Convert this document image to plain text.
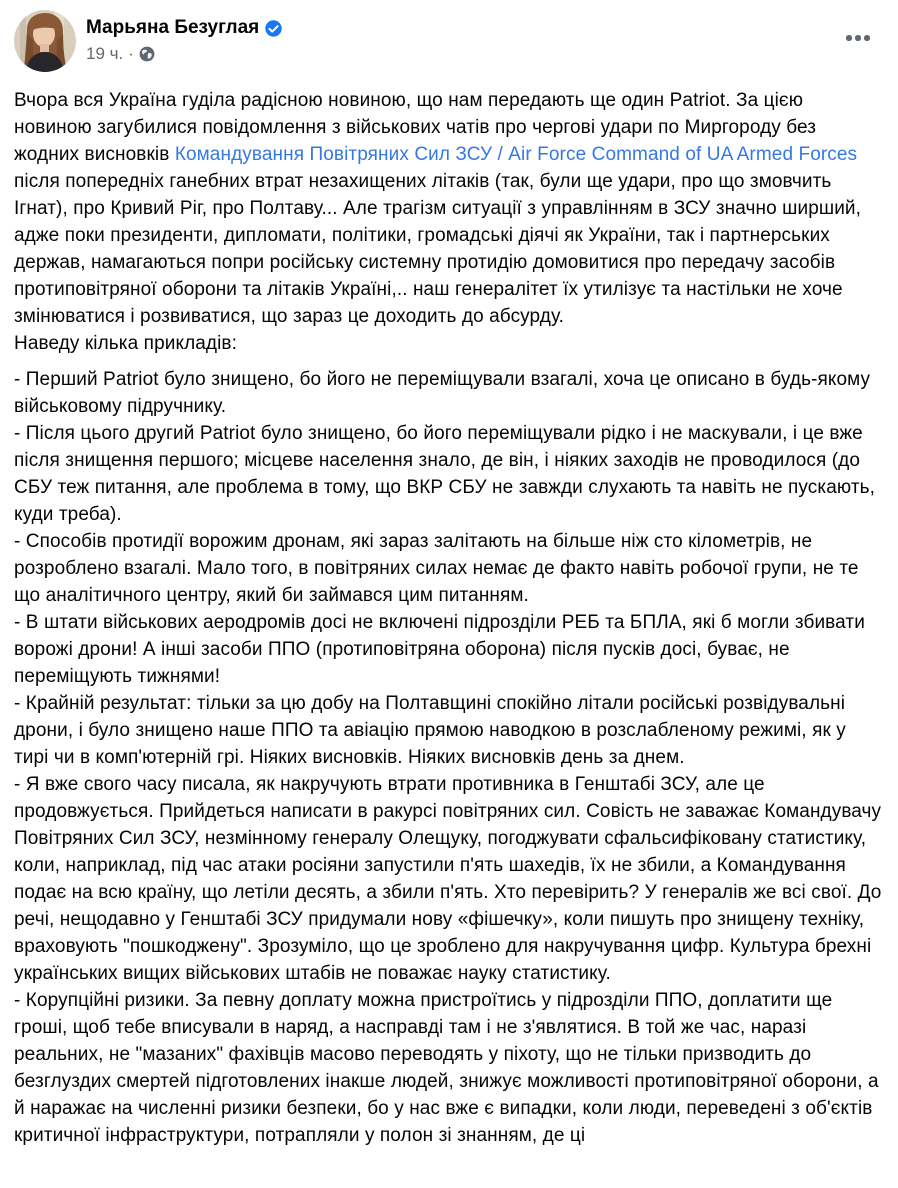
Марьяна Безуглая
19 ч. ·
Вчора вся Україна гуділа радісною новиною, що нам передають ще один Patriot. За цією новиною загубилися повідомлення з військових чатів про чергові удари по Миргороду без жодних висновків Командування Повітряних Сил ЗСУ / Air Force Command of UA Armed Forces після попередніх ганебних втрат незахищених літаків (так, були ще удари, про що змовчить Ігнат), про Кривий Ріг, про Полтаву... Але трагізм ситуації з управлінням в ЗСУ значно ширший, адже поки президенти, дипломати, політики, громадські діячі як України, так і партнерських держав, намагаються попри російську системну протидію домовитися про передачу засобів протиповітряної оборони та літаків Україні,.. наш генералітет їх утилізує та настільки не хоче змінюватися і розвиватися, що зараз це доходить до абсурду.
Наведу кілька прикладів:
- Перший Patriot було знищено, бо його не переміщували взагалі, хоча це описано в будь-якому військовому підручнику.
- Після цього другий Patriot було знищено, бо його переміщували рідко і не маскували, і це вже після знищення першого; місцеве населення знало, де він, і ніяких заходів не проводилося (до СБУ теж питання, але проблема в тому, що ВКР СБУ не завжди слухають та навіть не пускають, куди треба).
- Способів протидії ворожим дронам, які зараз залітають на більше ніж сто кілометрів, не розроблено взагалі. Мало того, в повітряних силах немає де факто навіть робочої групи, не те що аналітичного центру, який би займався цим питанням.
- В штати військових аеродромів досі не включені підрозділи РЕБ та БПЛА, які б могли збивати ворожі дрони! А інші засоби ППО (протиповітряна оборона) після пусків досі, буває, не переміщують тижнями!
- Крайній результат: тільки за цю добу на Полтавщині спокійно літали російські розвідувальні дрони, і було знищено наше ППО та авіацію прямою наводкою в розслабленому режимі, як у тирі чи в комп'ютерній грі. Ніяких висновків. Ніяких висновків день за днем.
- Я вже свого часу писала, як накручують втрати противника в Генштабі ЗСУ, але це продовжується. Прийдеться написати в ракурсі повітряних сил. Совість не заважає Командувачу Повітряних Сил ЗСУ, незмінному генералу Олещуку, погоджувати сфальсифіковану статистику, коли, наприклад, під час атаки росіяни запустили п'ять шахедів, їх не збили, а Командування подає на всю країну, що летіли десять, а збили п'ять. Хто перевірить? У генералів же всі свої. До речі, нещодавно у Генштабі ЗСУ придумали нову «фішечку», коли пишуть про знищену техніку, враховують "пошкоджену". Зрозуміло, що це зроблено для накручування цифр. Культура брехні українських вищих військових штабів не поважає науку статистику.
- Корупційні ризики. За певну доплату можна пристроїтись у підрозділи ППО, доплатити ще гроші, щоб тебе вписували в наряд, а насправді там і не з'являтися. В той же час, наразі реальних, не "мазаних" фахівців масово переводять у піхоту, що не тільки призводить до безглуздих смертей підготовлених інакше людей, знижує можливості протиповітряної оборони, а й наражає на численні ризики безпеки, бо у нас вже є випадки, коли люди, переведені з об'єктів критичної інфраструктури, потрапляли у полон зі знанням, де ці
